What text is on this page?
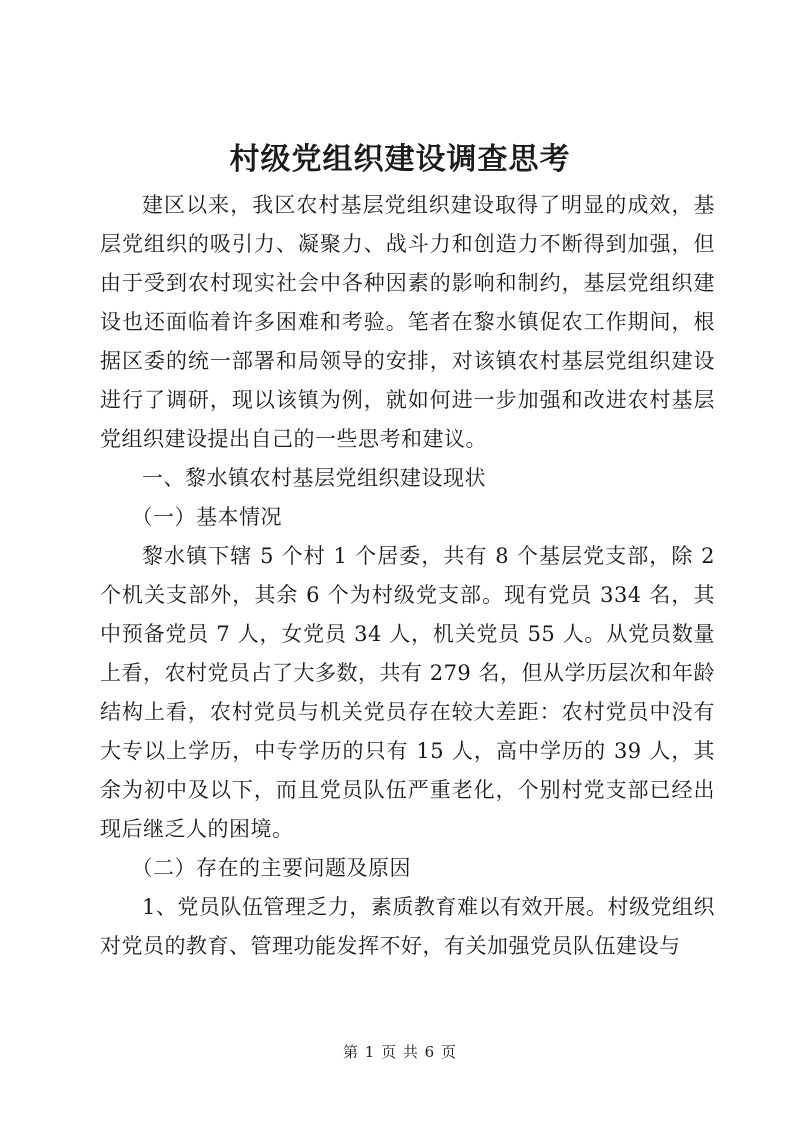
村级党组织建设调查思考

建区以来，我区农村基层党组织建设取得了明显的成效，基层党组织的吸引力、凝聚力、战斗力和创造力不断得到加强，但由于受到农村现实社会中各种因素的影响和制约，基层党组织建设也还面临着许多困难和考验。笔者在黎水镇促农工作期间，根据区委的统一部署和局领导的安排，对该镇农村基层党组织建设进行了调研，现以该镇为例，就如何进一步加强和改进农村基层党组织建设提出自己的一些思考和建议。

一、黎水镇农村基层党组织建设现状

（一）基本情况

黎水镇下辖 5 个村 1 个居委，共有 8 个基层党支部，除 2 个机关支部外，其余 6 个为村级党支部。现有党员 334 名，其中预备党员 7 人，女党员 34 人，机关党员 55 人。从党员数量上看，农村党员占了大多数，共有 279 名，但从学历层次和年龄结构上看，农村党员与机关党员存在较大差距：农村党员中没有大专以上学历，中专学历的只有 15 人，高中学历的 39 人，其余为初中及以下，而且党员队伍严重老化，个别村党支部已经出现后继乏人的困境。

（二）存在的主要问题及原因

1、党员队伍管理乏力，素质教育难以有效开展。村级党组织对党员的教育、管理功能发挥不好，有关加强党员队伍建设与

第 1 页 共 6 页
